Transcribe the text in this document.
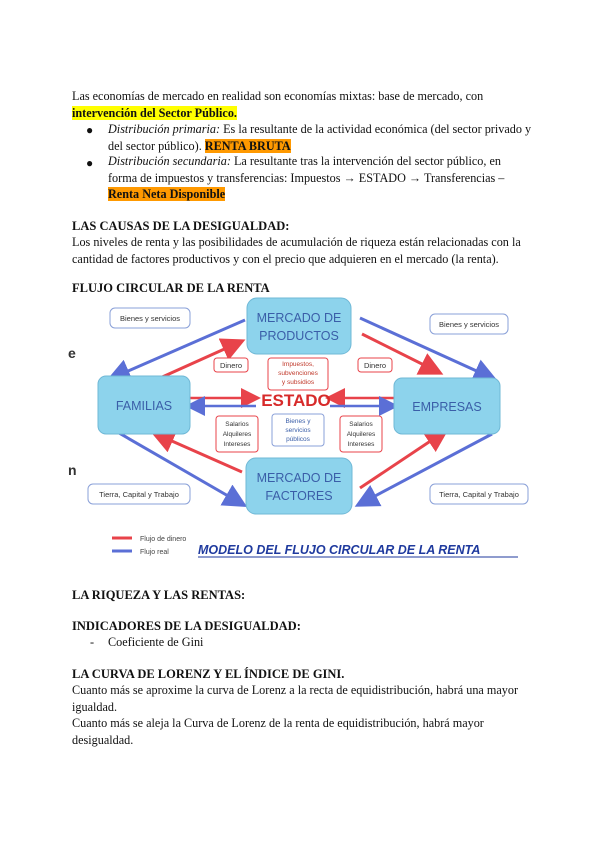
Las economías de mercado en realidad son economías mixtas: base de mercado, con
intervención del Sector Público.
● Distribución primaria: Es la resultante de la actividad económica (del sector privado y del sector público). RENTA BRUTA
● Distribución secundaria: La resultante tras la intervención del sector público, en forma de impuestos y transferencias: Impuestos → ESTADO → Transferencias – Renta Neta Disponible
LAS CAUSAS DE LA DESIGUALDAD:
Los niveles de renta y las posibilidades de acumulación de riqueza están relacionadas con la cantidad de factores productivos y con el precio que adquieren en el mercado (la renta).
FLUJO CIRCULAR DE LA RENTA
e
n
MERCADO DE
PRODUCTOS
MERCADO DE
FACTORES
FAMILIAS	EMPRESAS
ESTADO
Bienes y servicios
Bienes y servicios
Tierra, Capital y Trabajo	Tierra, Capital y Trabajo
Dinero	Dinero
Impuestos,
subvenciones
y subsidios
Bienes y
servicios
públicos
Salarios
Alquileres
Intereses
Salarios
Alquileres
Intereses
Flujo de dinero
Flujo real MODELO DEL FLUJO CIRCULAR DE LA RENTA
LA RIQUEZA Y LAS RENTAS:
INDICADORES DE LA DESIGUALDAD:
- Coeficiente de Gini
LA CURVA DE LORENZ Y EL ÍNDICE DE GINI.
Cuanto más se aproxime la curva de Lorenz a la recta de equidistribución, habrá una mayor igualdad.
Cuanto más se aleja la Curva de Lorenz de la renta de equidistribución, habrá mayor desigualdad.
